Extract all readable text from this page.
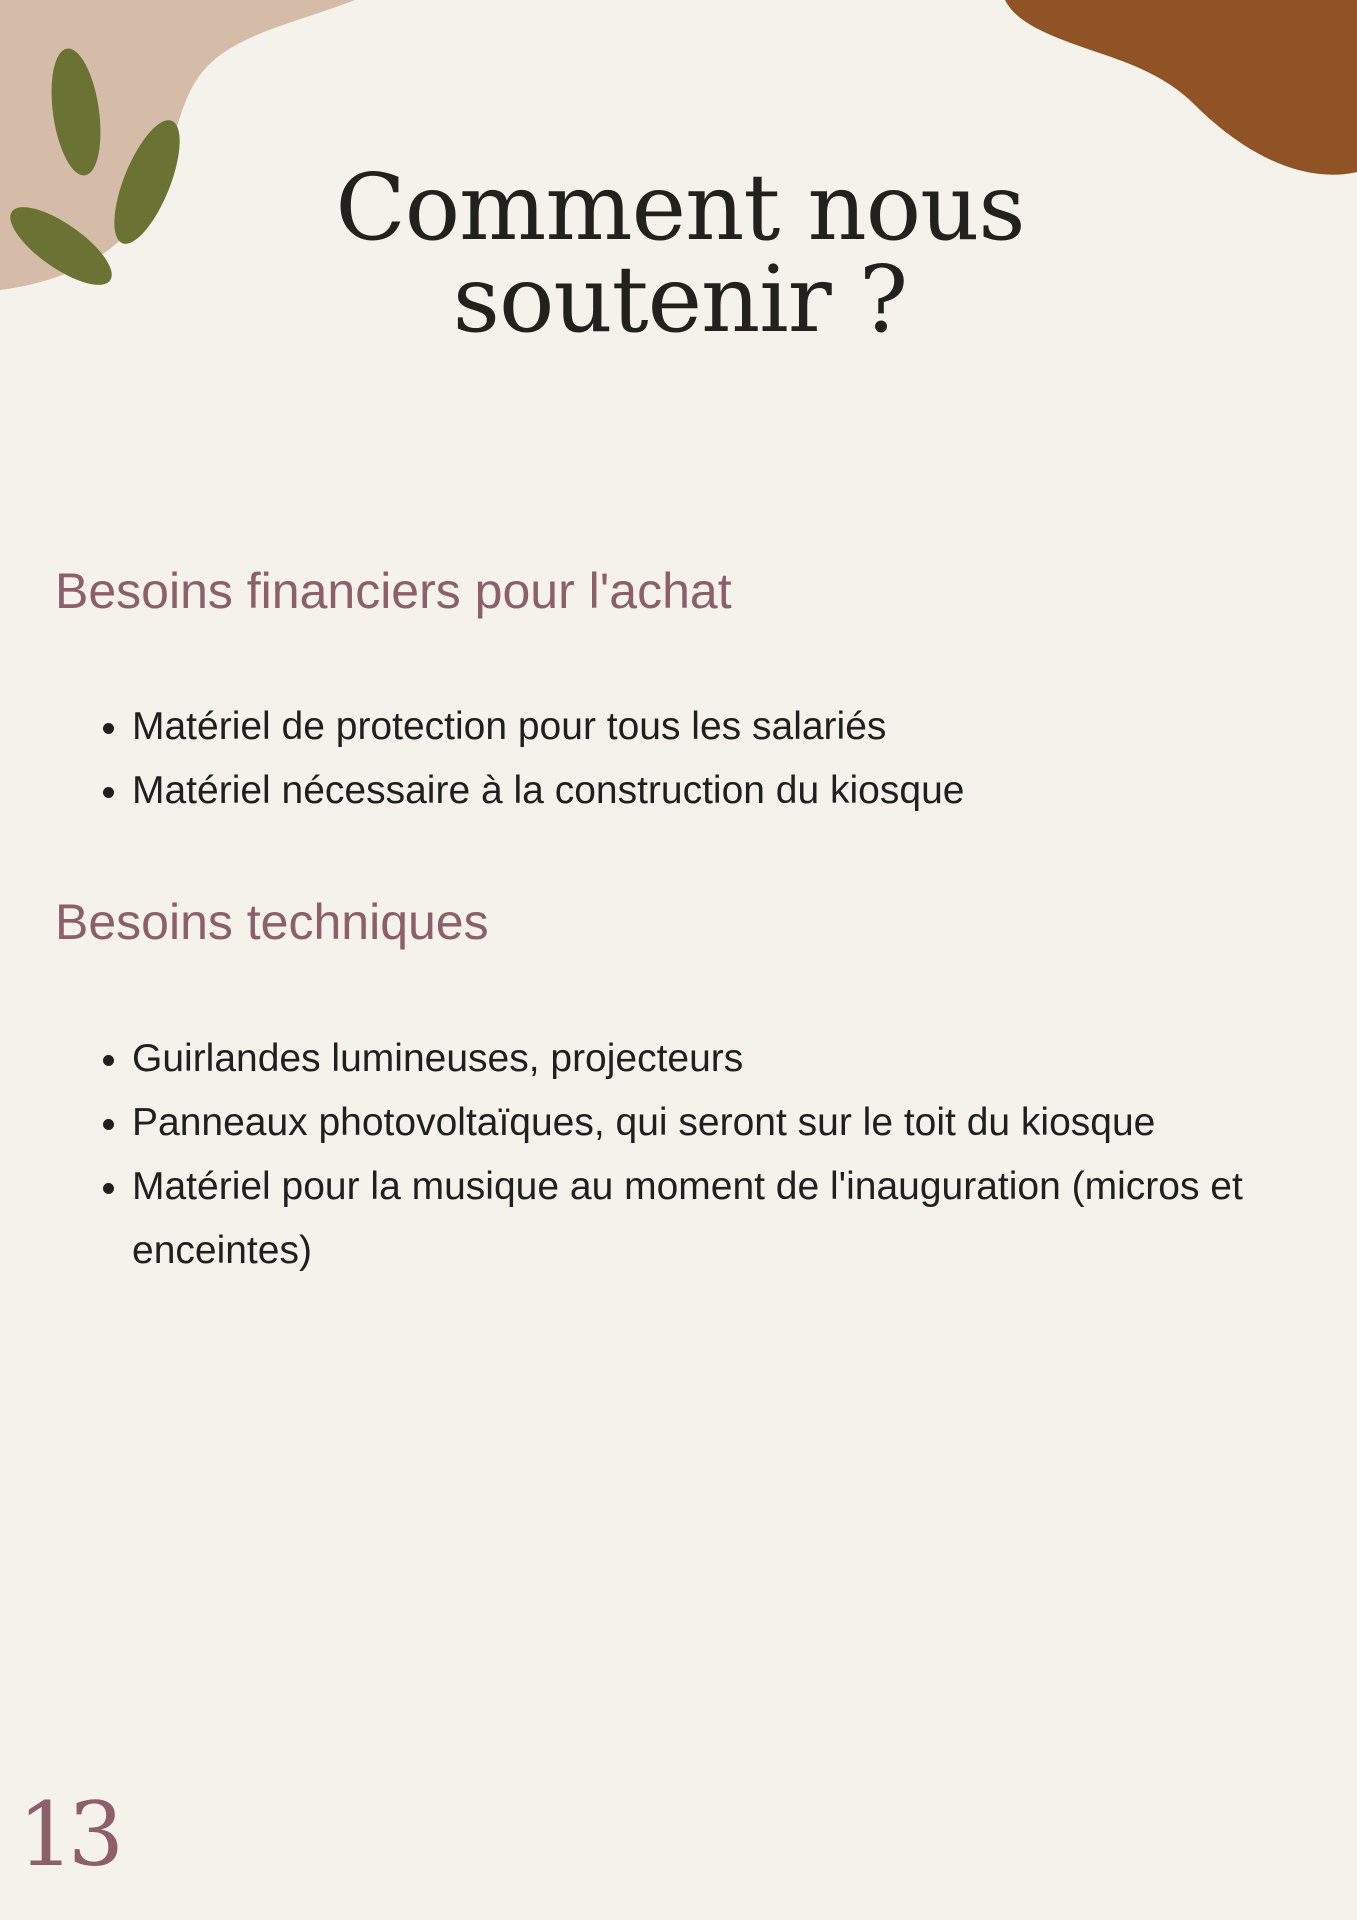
Comment nous
soutenir ?
Besoins financiers pour l'achat
• Matériel de protection pour tous les salariés
• Matériel nécessaire à la construction du kiosque
Besoins techniques
• Guirlandes lumineuses, projecteurs
• Panneaux photovoltaïques, qui seront sur le toit du kiosque
• Matériel pour la musique au moment de l'inauguration (micros et enceintes)
13
